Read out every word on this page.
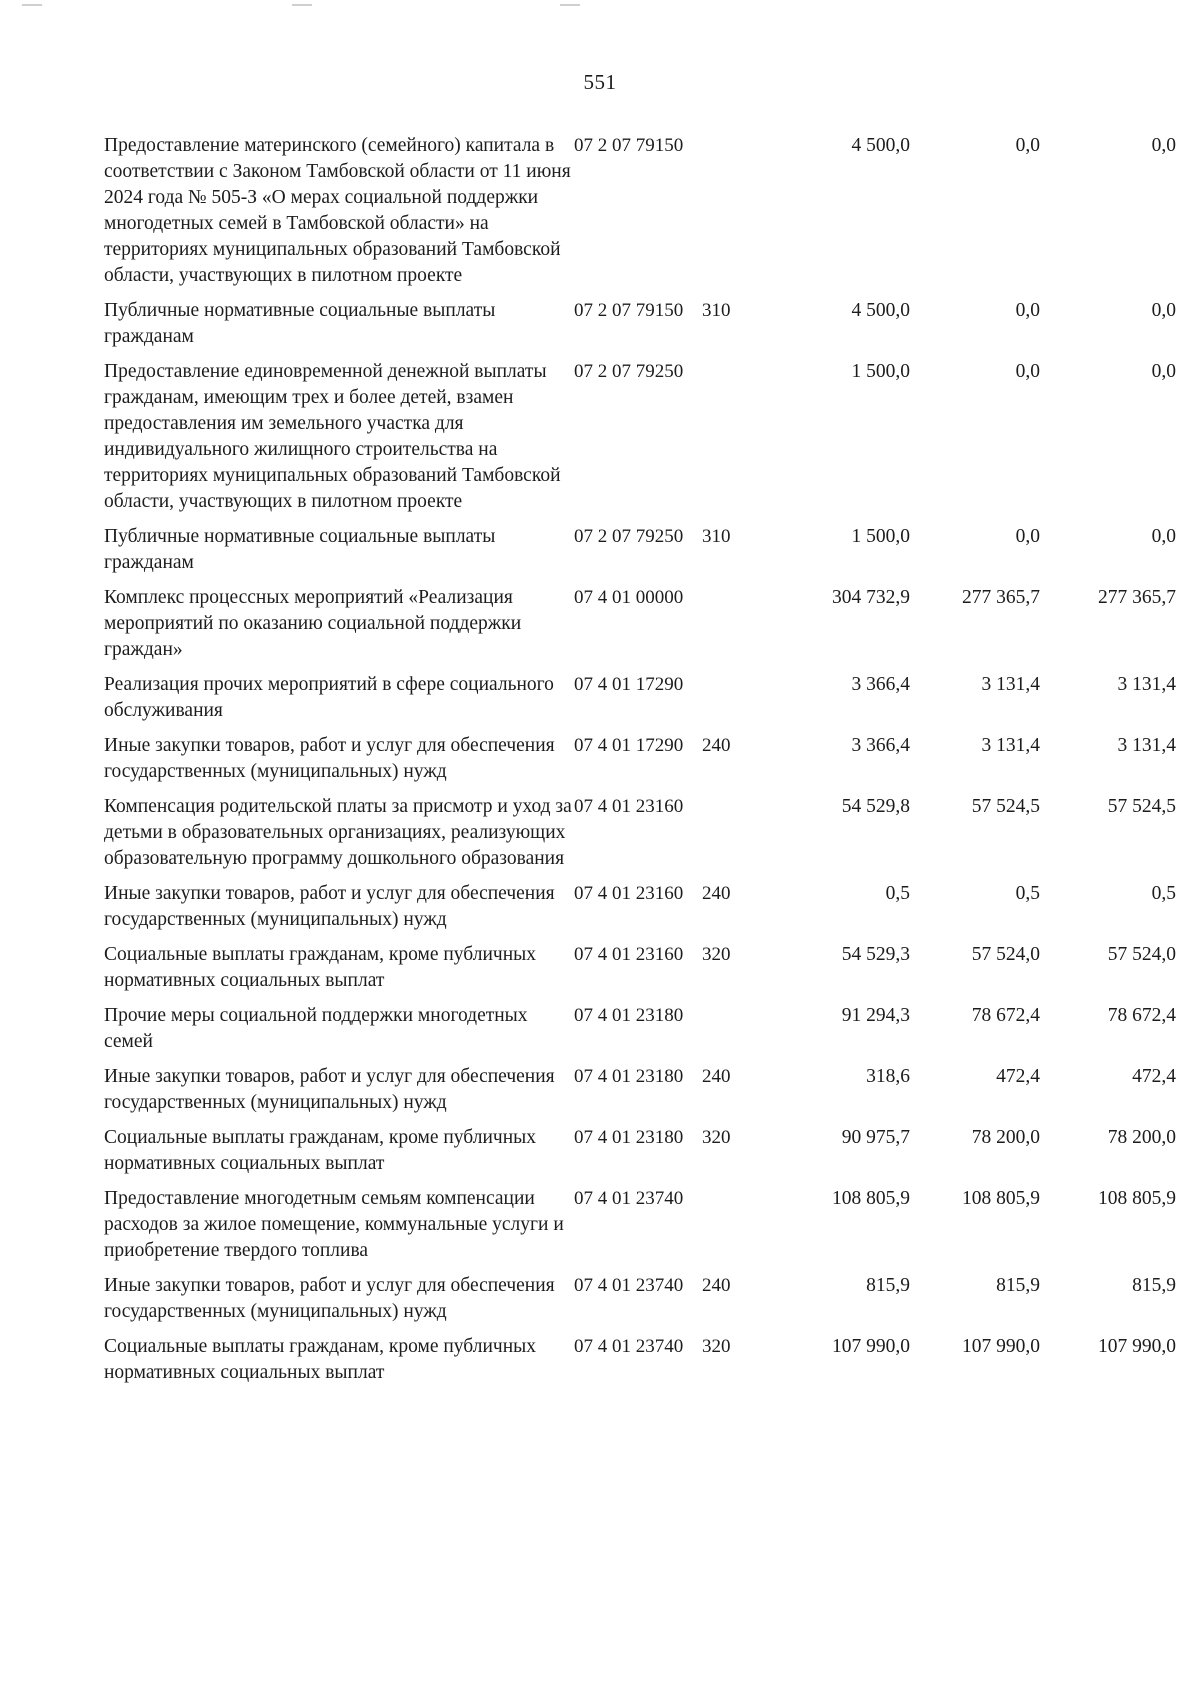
551
Предоставление материнского (семейного) капитала в соответствии с Законом Тамбовской области от 11 июня 2024 года № 505-З «О мерах социальной поддержки многодетных семей в Тамбовской области» на территориях муниципальных образований Тамбовской области, участвующих в пилотном проекте	07 2 07 79150		4 500,0	0,0	0,0
Публичные нормативные социальные выплаты гражданам	07 2 07 79150	310	4 500,0	0,0	0,0
Предоставление единовременной денежной выплаты гражданам, имеющим трех и более детей, взамен предоставления им земельного участка для индивидуального жилищного строительства на территориях муниципальных образований Тамбовской области, участвующих в пилотном проекте	07 2 07 79250		1 500,0	0,0	0,0
Публичные нормативные социальные выплаты гражданам	07 2 07 79250	310	1 500,0	0,0	0,0
Комплекс процессных мероприятий «Реализация мероприятий по оказанию социальной поддержки граждан»	07 4 01 00000		304 732,9	277 365,7	277 365,7
Реализация прочих мероприятий в сфере социального обслуживания	07 4 01 17290		3 366,4	3 131,4	3 131,4
Иные закупки товаров, работ и услуг для обеспечения государственных (муниципальных) нужд	07 4 01 17290	240	3 366,4	3 131,4	3 131,4
Компенсация родительской платы за присмотр и уход за детьми в образовательных организациях, реализующих образовательную программу дошкольного образования	07 4 01 23160		54 529,8	57 524,5	57 524,5
Иные закупки товаров, работ и услуг для обеспечения государственных (муниципальных) нужд	07 4 01 23160	240	0,5	0,5	0,5
Социальные выплаты гражданам, кроме публичных нормативных социальных выплат	07 4 01 23160	320	54 529,3	57 524,0	57 524,0
Прочие меры социальной поддержки многодетных семей	07 4 01 23180		91 294,3	78 672,4	78 672,4
Иные закупки товаров, работ и услуг для обеспечения государственных (муниципальных) нужд	07 4 01 23180	240	318,6	472,4	472,4
Социальные выплаты гражданам, кроме публичных нормативных социальных выплат	07 4 01 23180	320	90 975,7	78 200,0	78 200,0
Предоставление многодетным семьям компенсации расходов за жилое помещение, коммунальные услуги и приобретение твердого топлива	07 4 01 23740		108 805,9	108 805,9	108 805,9
Иные закупки товаров, работ и услуг для обеспечения государственных (муниципальных) нужд	07 4 01 23740	240	815,9	815,9	815,9
Социальные выплаты гражданам, кроме публичных нормативных социальных выплат	07 4 01 23740	320	107 990,0	107 990,0	107 990,0
